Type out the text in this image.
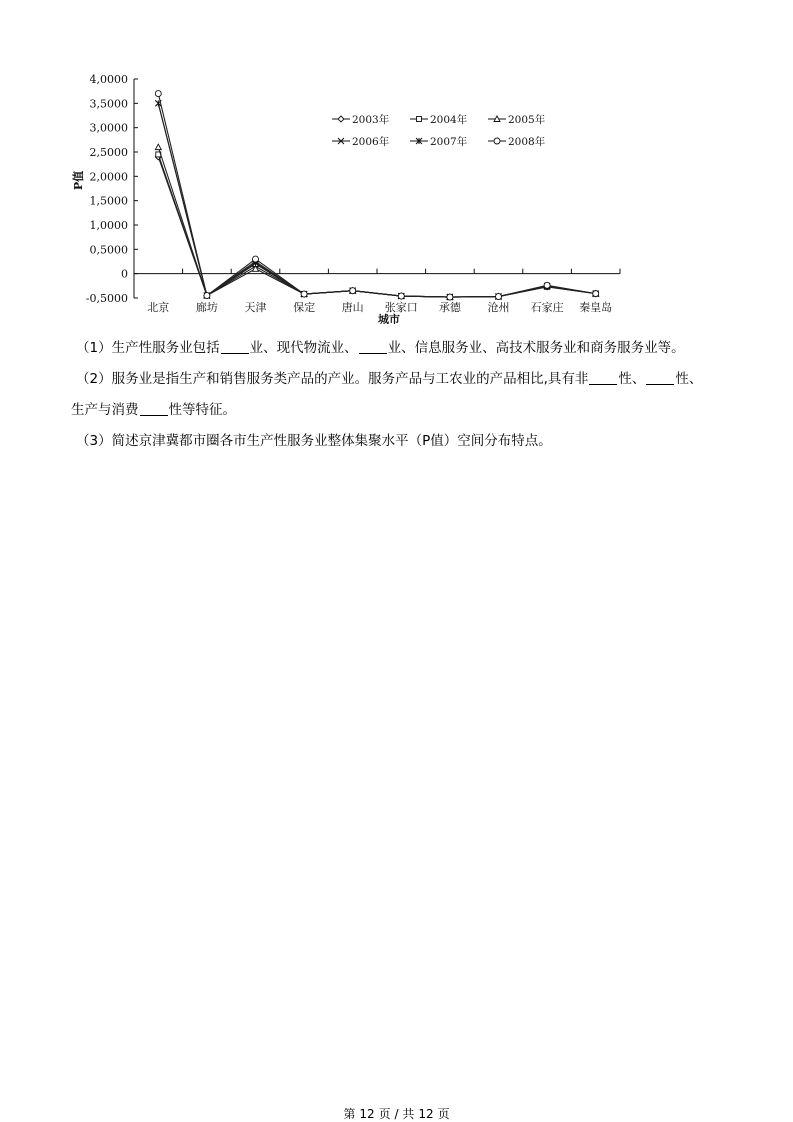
4,0000
3,5000
3,0000
2,5000
2,0000
1,5000
1,0000
0,5000
0
-0,5000
北京 廊坊 天津 保定 唐山 张家口 承德 沧州 石家庄 秦皇岛
城市
P值
2003年	2004年	2005年
2006年	2007年	2008年
（1）生产性服务业包括 业、现代物流业、 业、信息服务业、高技术服务业和商务服务业等。
（2）服务业是指生产和销售服务类产品的产业。服务产品与工农业的产品相比,具有非 性、 性、
生产与消费 性等特征。
（3）简述京津冀都市圈各市生产性服务业整体集聚水平（P值）空间分布特点。
第 12 页 / 共 12 页
